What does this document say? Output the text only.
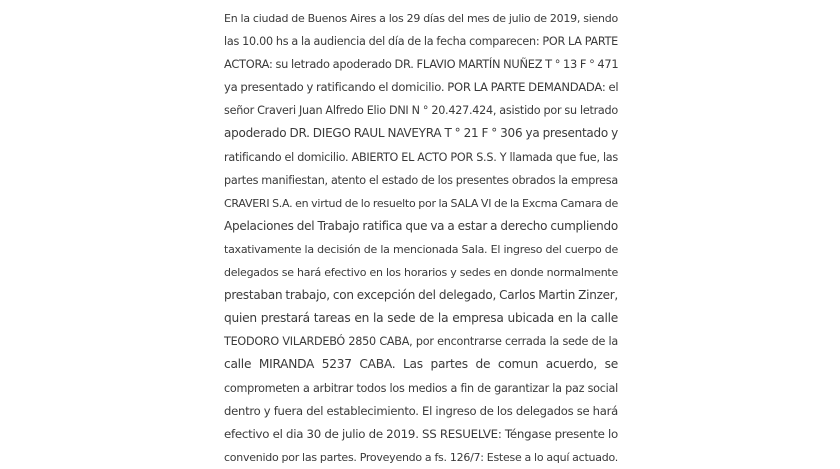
En la ciudad de Buenos Aires a los 29 días del mes de julio de 2019, siendo
las 10.00 hs a la audiencia del día de la fecha comparecen: POR LA PARTE
ACTORA: su letrado apoderado DR. FLAVIO MARTÍN NUÑEZ T ° 13 F ° 471
ya presentado y ratificando el domicilio. POR LA PARTE DEMANDADA: el
señor Craveri Juan Alfredo Elio DNI N ° 20.427.424, asistido por su letrado
apoderado DR. DIEGO RAUL NAVEYRA T ° 21 F ° 306 ya presentado y
ratificando el domicilio. ABIERTO EL ACTO POR S.S. Y llamada que fue, las
partes manifiestan, atento el estado de los presentes obrados la empresa
CRAVERI S.A. en virtud de lo resuelto por la SALA VI de la Excma Camara de
Apelaciones del Trabajo ratifica que va a estar a derecho cumpliendo
taxativamente la decisión de la mencionada Sala. El ingreso del cuerpo de
delegados se hará efectivo en los horarios y sedes en donde normalmente
prestaban trabajo, con excepción del delegado, Carlos Martin Zinzer,
quien prestará tareas en la sede de la empresa ubicada en la calle
TEODORO VILARDEBÓ 2850 CABA, por encontrarse cerrada la sede de la
calle MIRANDA 5237 CABA. Las partes de comun acuerdo, se
comprometen a arbitrar todos los medios a fin de garantizar la paz social
dentro y fuera del establecimiento. El ingreso de los delegados se hará
efectivo el dia 30 de julio de 2019. SS RESUELVE: Téngase presente lo
convenido por las partes. Proveyendo a fs. 126/7: Estese a lo aquí actuado.
